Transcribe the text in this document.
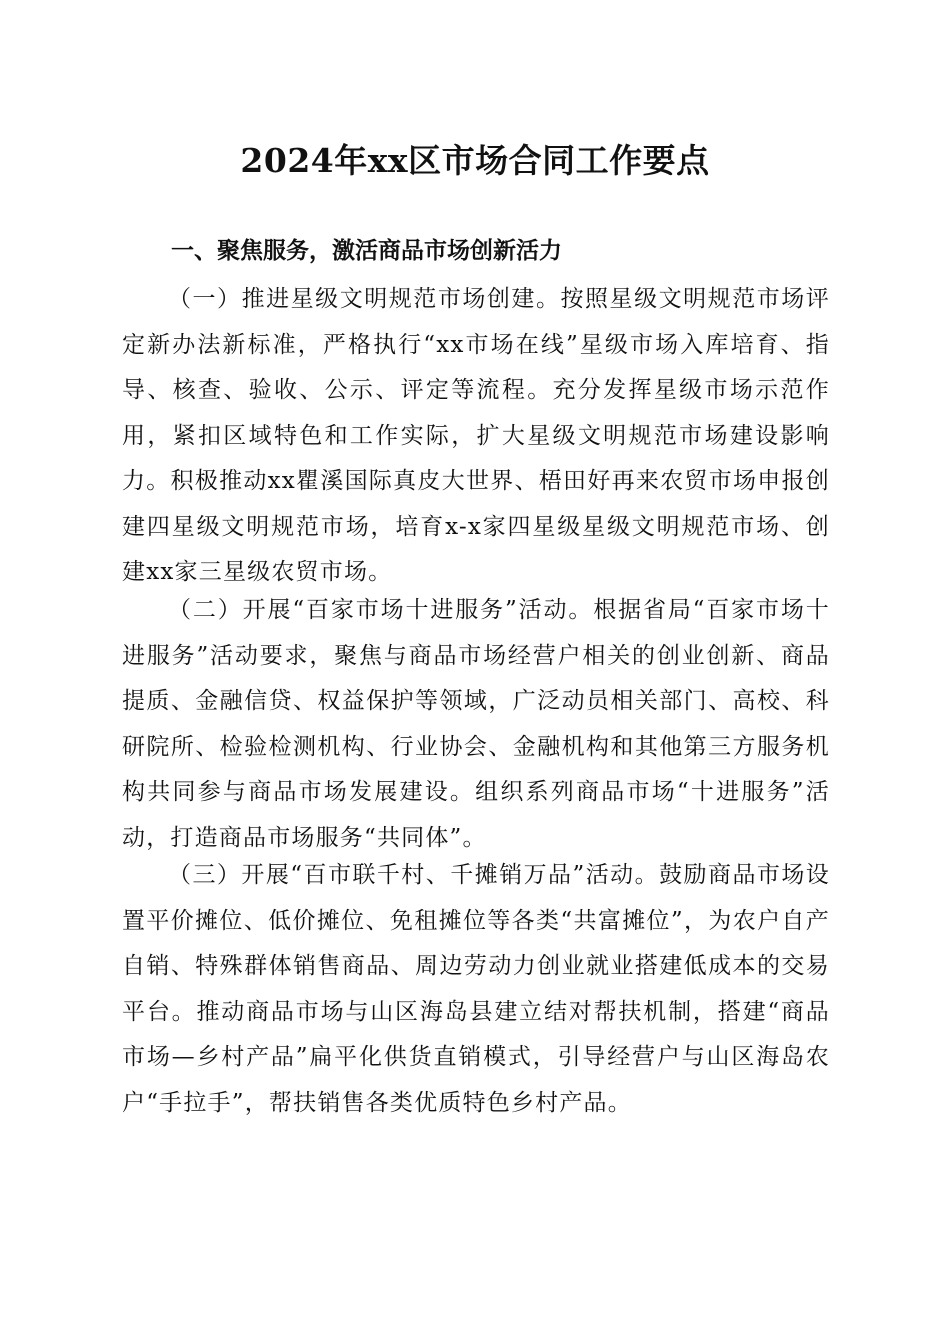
2024年xx区市场合同工作要点
一、聚焦服务，激活商品市场创新活力

（一）推进星级文明规范市场创建。按照星级文明规范市场评定新办法新标准，严格执行“xx市场在线”星级市场入库培育、指导、核查、验收、公示、评定等流程。充分发挥星级市场示范作用，紧扣区域特色和工作实际，扩大星级文明规范市场建设影响力。积极推动xx瞿溪国际真皮大世界、梧田好再来农贸市场申报创建四星级文明规范市场，培育x-x家四星级星级文明规范市场、创建xx家三星级农贸市场。

（二）开展“百家市场十进服务”活动。根据省局“百家市场十进服务”活动要求，聚焦与商品市场经营户相关的创业创新、商品提质、金融信贷、权益保护等领域，广泛动员相关部门、高校、科研院所、检验检测机构、行业协会、金融机构和其他第三方服务机构共同参与商品市场发展建设。组织系列商品市场“十进服务”活动，打造商品市场服务“共同体”。

（三）开展“百市联千村、千摊销万品”活动。鼓励商品市场设置平价摊位、低价摊位、免租摊位等各类“共富摊位”，为农户自产自销、特殊群体销售商品、周边劳动力创业就业搭建低成本的交易平台。推动商品市场与山区海岛县建立结对帮扶机制，搭建“商品市场—乡村产品”扁平化供货直销模式，引导经营户与山区海岛农户“手拉手”，帮扶销售各类优质特色乡村产品。
